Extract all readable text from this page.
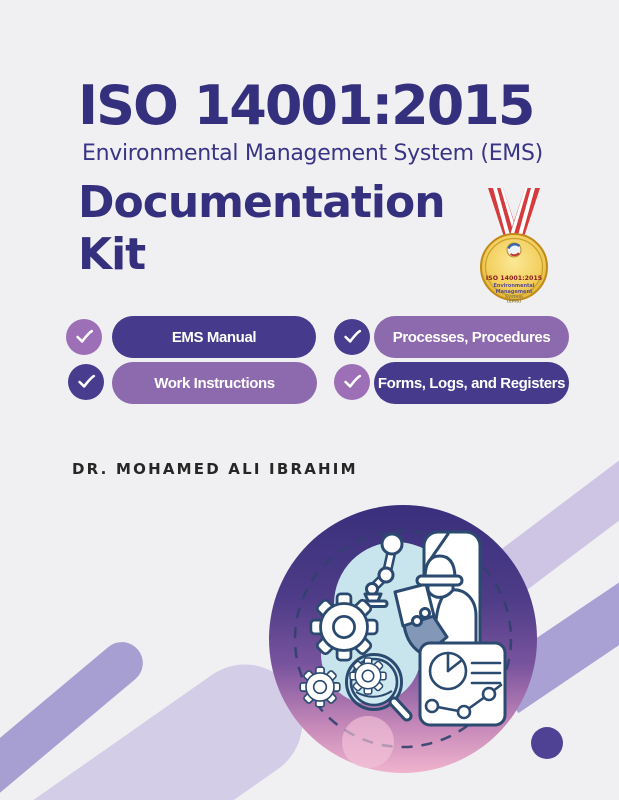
ISO 14001:2015
Environmental Management System (EMS)
Documentation
Kit	ISO 14001:2015
Environmental
Management
System
(EMS)
EMS Manual	Processes, Procedures
Work Instructions	Forms, Logs, and Registers
DR. MOHAMED ALI IBRAHIM
